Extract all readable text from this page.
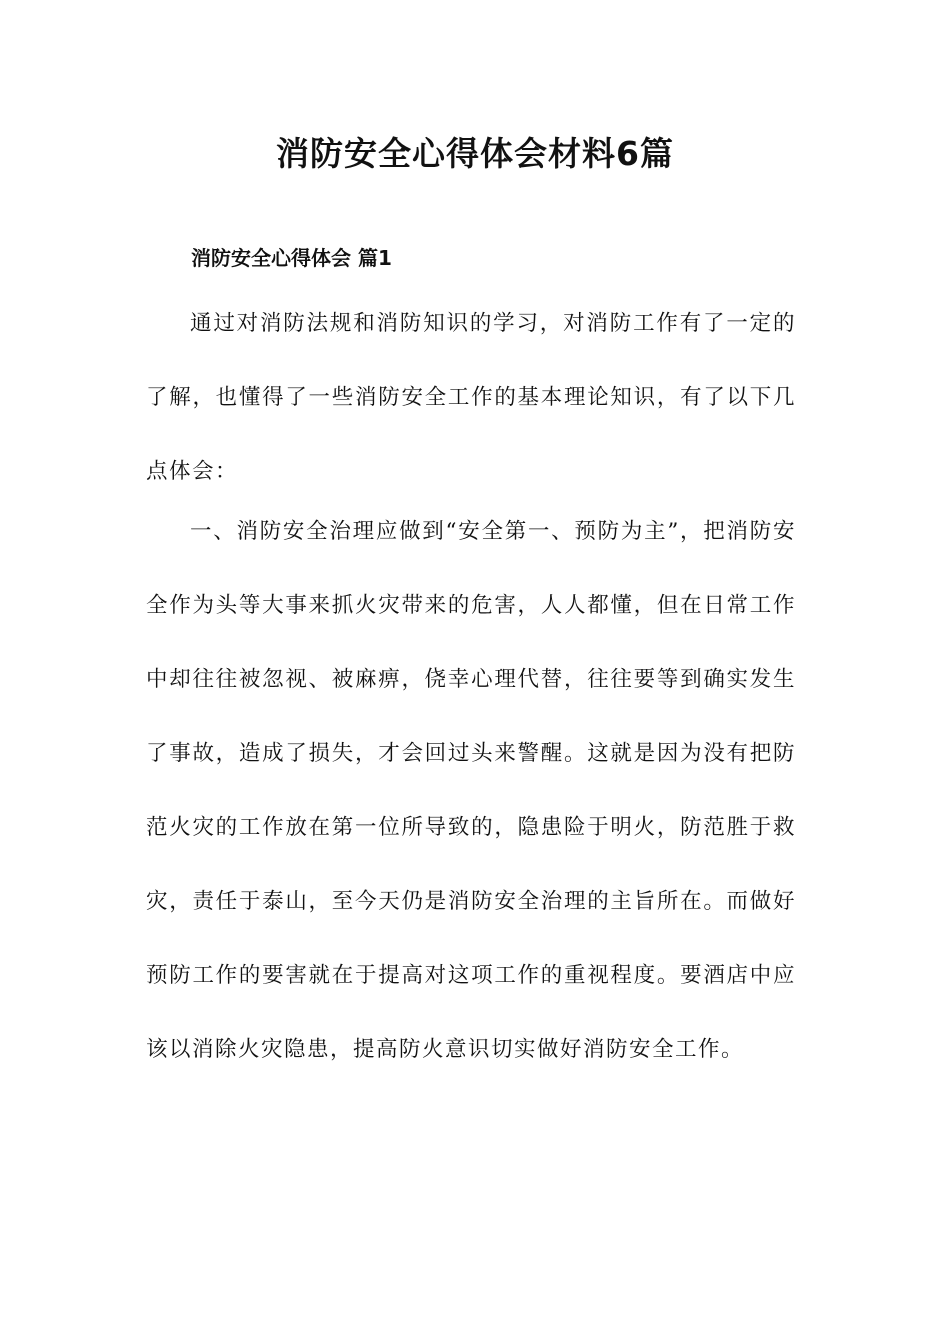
消防安全心得体会材料6篇
消防安全心得体会 篇1

通过对消防法规和消防知识的学习，对消防工作有了一定的了解，也懂得了一些消防安全工作的基本理论知识，有了以下几点体会：

一、消防安全治理应做到“安全第一、预防为主”，把消防安全作为头等大事来抓火灾带来的危害，人人都懂，但在日常工作中却往往被忽视、被麻痹，侥幸心理代替，往往要等到确实发生了事故，造成了损失，才会回过头来警醒。这就是因为没有把防范火灾的工作放在第一位所导致的，隐患险于明火，防范胜于救灾，责任于泰山，至今天仍是消防安全治理的主旨所在。而做好预防工作的要害就在于提高对这项工作的重视程度。要酒店中应该以消除火灾隐患，提高防火意识切实做好消防安全工作。
